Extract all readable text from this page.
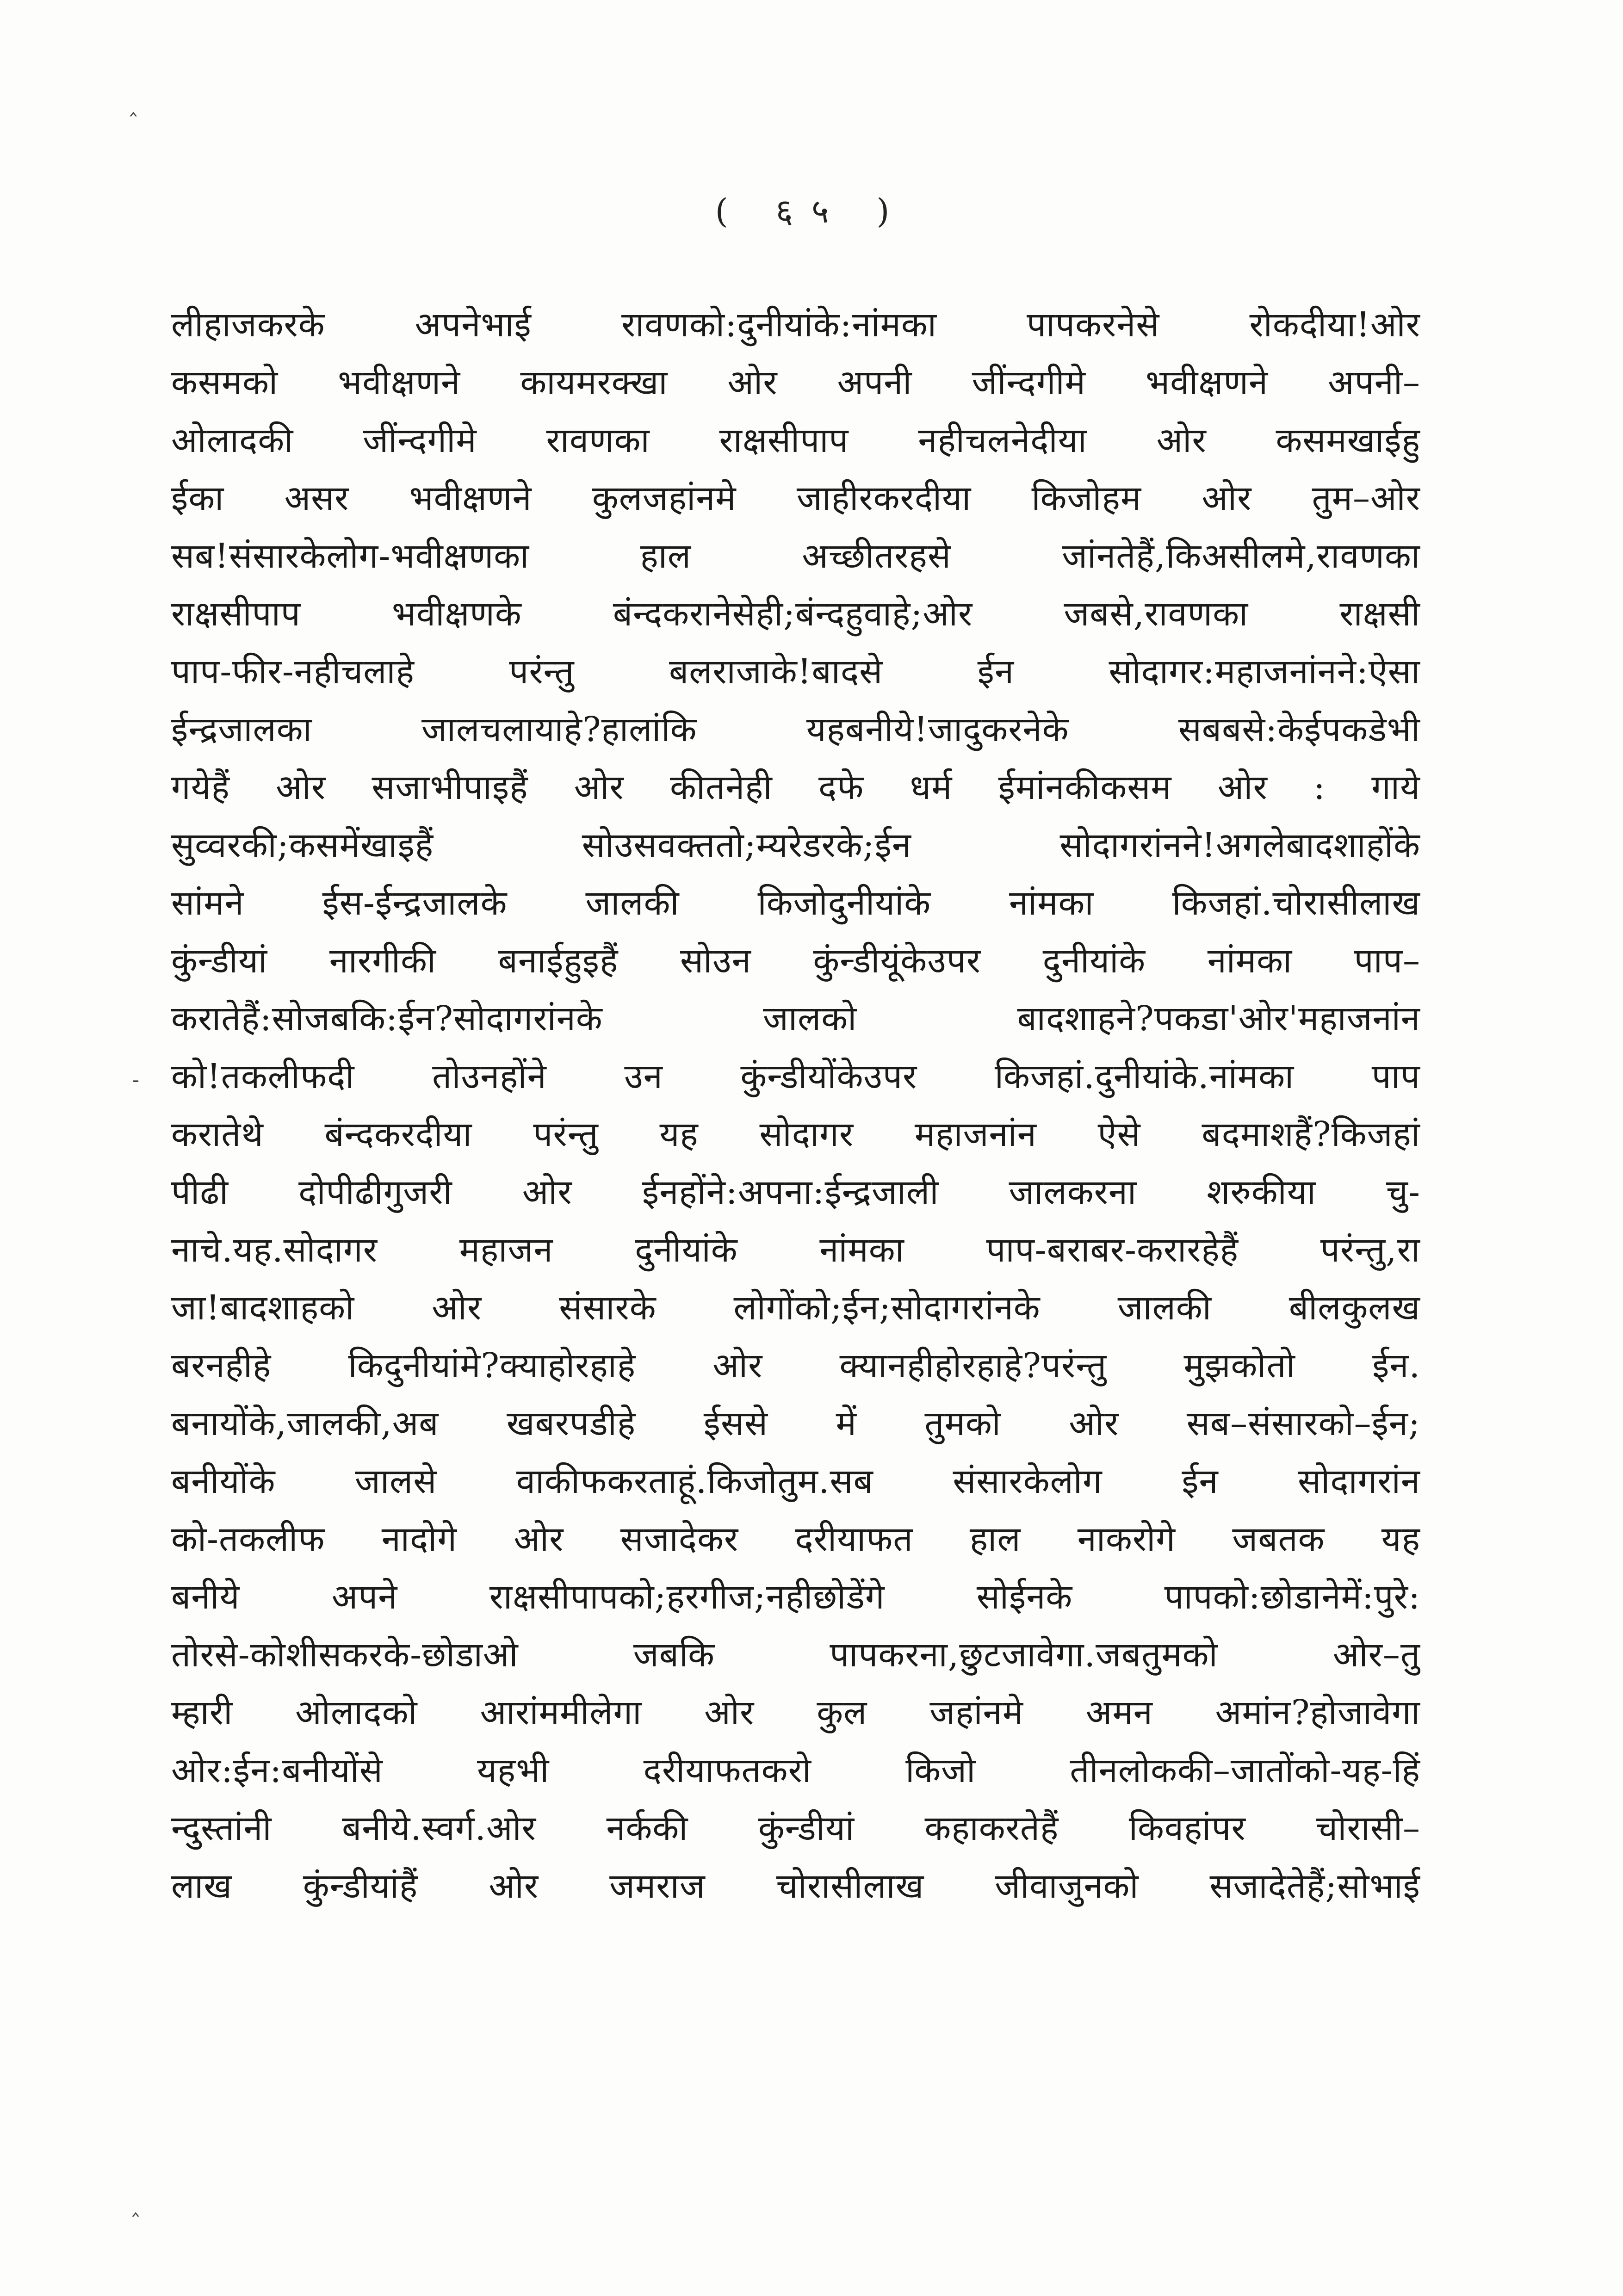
‸
-
‸
( ६५ )
लीहाजकरके अपनेभाई रावणको:दुनीयांके:नांमका पापकरनेसे रोकदीया!ओर
कसमको भवीक्षणने कायमरक्खा ओर अपनी जींन्दगीमे भवीक्षणने अपनी–
ओलादकी जींन्दगीमे रावणका राक्षसीपाप नहीचलनेदीया ओर कसमखाईहु
ईका असर भवीक्षणने कुलजहांनमे जाहीरकरदीया किजोहम ओर तुम–ओर
सब!संसारकेलोग-भवीक्षणका हाल अच्छीतरहसे जांनतेहैं,किअसीलमे,रावणका
राक्षसीपाप भवीक्षणके बंन्दकरानेसेही;बंन्दहुवाहे;ओर जबसे,रावणका राक्षसी
पाप-फीर-नहीचलाहे परंन्तु बलराजाके!बादसे ईन सोदागर:महाजनांनने:ऐसा
ईन्द्रजालका जालचलायाहे?हालांकि यहबनीये!जादुकरनेके सबबसे:केईपकडेभी
गयेहैं ओर सजाभीपाइहैं ओर कीतनेही दफे धर्म ईमांनकीकसम ओर : गाये
सुव्वरकी;कसमेंखाइहैं सोउसवक्ततो;म्यरेडरके;ईन सोदागरांनने!अगलेबादशाहोंके
सांमने ईस-ईन्द्रजालके जालकी किजोदुनीयांके नांमका किजहां.चोरासीलाख
कुंन्डीयां नारगीकी बनाईहुइहैं सोउन कुंन्डीयूंकेउपर दुनीयांके नांमका पाप–
करातेहैं:सोजबकि:ईन?सोदागरांनके जालको बादशाहने?पकडा'ओर'महाजनांन
को!तकलीफदी तोउनहोंने उन कुंन्डीयोंकेउपर किजहां.दुनीयांके.नांमका पाप
करातेथे बंन्दकरदीया परंन्तु यह सोदागर महाजनांन ऐसे बदमाशहैं?किजहां
पीढी दोपीढीगुजरी ओर ईनहोंने:अपना:ईन्द्रजाली जालकरना शरुकीया चु-
नाचे.यह.सोदागर महाजन दुनीयांके नांमका पाप-बराबर-करारहेहैं परंन्तु,रा
जा!बादशाहको ओर संसारके लोगोंको;ईन;सोदागरांनके जालकी बीलकुलख
बरनहीहे किदुनीयांमे?क्याहोरहाहे ओर क्यानहीहोरहाहे?परंन्तु मुझकोतो ईन.
बनायोंके,जालकी,अब खबरपडीहे ईससे में तुमको ओर सब–संसारको–ईन;
बनीयोंके जालसे वाकीफकरताहूं.किजोतुम.सब संसारकेलोग ईन सोदागरांन
को-तकलीफ नादोगे ओर सजादेकर दरीयाफत हाल नाकरोगे जबतक यह
बनीये अपने राक्षसीपापको;हरगीज;नहीछोडेंगे सोईनके पापको:छोडानेमें:पुरे:
तोरसे-कोशीसकरके-छोडाओ जबकि पापकरना,छुटजावेगा.जबतुमको ओर–तु
म्हारी ओलादको आरांममीलेगा ओर कुल जहांनमे अमन अमांन?होजावेगा
ओर:ईन:बनीयोंसे यहभी दरीयाफतकरो किजो तीनलोककी–जातोंको-यह-हिं
न्दुस्तांनी बनीये.स्वर्ग.ओर नर्ककी कुंन्डीयां कहाकरतेहैं किवहांपर चोरासी–
लाख कुंन्डीयांहैं ओर जमराज चोरासीलाख जीवाजुनको सजादेतेहैं;सोभाई
